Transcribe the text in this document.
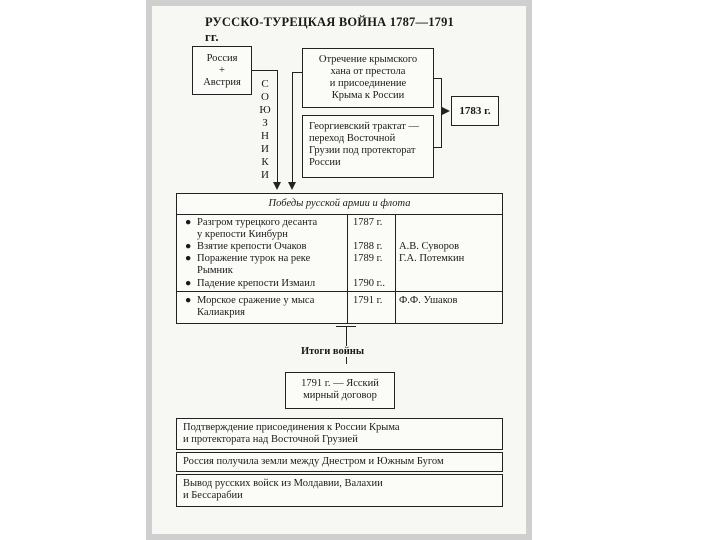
РУССКО-ТУРЕЦКАЯ ВОЙНА 1787—1791 гг.
Россия
+
Австрия	С
О
Ю
З
Н
И
К
И
Отречение крымского
хана от престола
и присоединение
Крыма к России
Георгиевский трактат —
переход Восточной
Грузии под протекторат
России
1783 г.
Победы русской армии и флота
● Разгром турецкого десанта
у крепости Кинбурн
1787 г.
● Взятие крепости Очаков	1788 г.	А.В. Суворов
● Поражение турок на реке
Рымник
1789 г.	Г.А. Потемкин
● Падение крепости Измаил	1790 г..
● Морское сражение у мыса
Калиакрия
1791 г.	Ф.Ф. Ушаков
Итоги войны
1791 г. — Ясский
мирный договор
Подтверждение присоединения к России Крыма
и протектората над Восточной Грузией
Россия получила земли между Днестром и Южным Бугом
Вывод русских войск из Молдавии, Валахии
и Бессарабии
